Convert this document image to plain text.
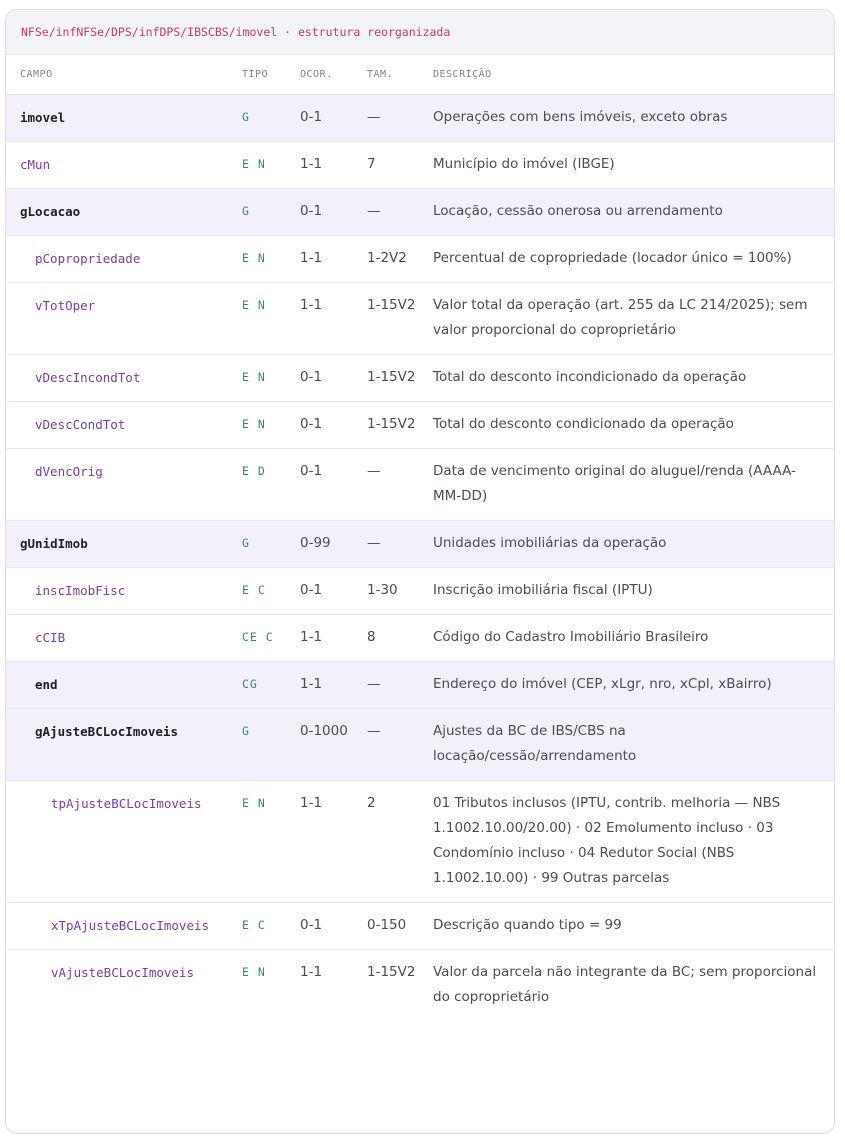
NFSe/infNFSe/DPS/infDPS/IBSCBS/imovel · estrutura reorganizada
CAMPO	TIPO	OCOR.	TAM.	DESCRIÇÃO
imovel	G	0-1	—	Operações com bens imóveis, exceto obras
cMun	E N	1-1	7	Município do imóvel (IBGE)
gLocacao	G	0-1	—	Locação, cessão onerosa ou arrendamento
pCopropriedade	E N	1-1	1-2V2	Percentual de copropriedade (locador único = 100%)
vTotOper	E N	1-1	1-15V2	Valor total da operação (art. 255 da LC 214/2025); sem valor proporcional do coproprietário
vDescIncondTot	E N	0-1	1-15V2	Total do desconto incondicionado da operação
vDescCondTot	E N	0-1	1-15V2	Total do desconto condicionado da operação
dVencOrig	E D	0-1	—	Data de vencimento original do aluguel/renda (AAAA-MM-DD)
gUnidImob	G	0-99	—	Unidades imobiliárias da operação
inscImobFisc	E C	0-1	1-30	Inscrição imobiliária fiscal (IPTU)
cCIB	CE C	1-1	8	Código do Cadastro Imobiliário Brasileiro
end	CG	1-1	—	Endereço do imóvel (CEP, xLgr, nro, xCpl, xBairro)
gAjusteBCLocImoveis	G	0-1000	—	Ajustes da BC de IBS/CBS na locação/cessão/arrendamento
tpAjusteBCLocImoveis	E N	1-1	2	01 Tributos inclusos (IPTU, contrib. melhoria — NBS 1.1002.10.00/20.00) · 02 Emolumento incluso · 03 Condomínio incluso · 04 Redutor Social (NBS 1.1002.10.00) · 99 Outras parcelas
xTpAjusteBCLocImoveis	E C	0-1	0-150	Descrição quando tipo = 99
vAjusteBCLocImoveis	E N	1-1	1-15V2	Valor da parcela não integrante da BC; sem proporcional do coproprietário
